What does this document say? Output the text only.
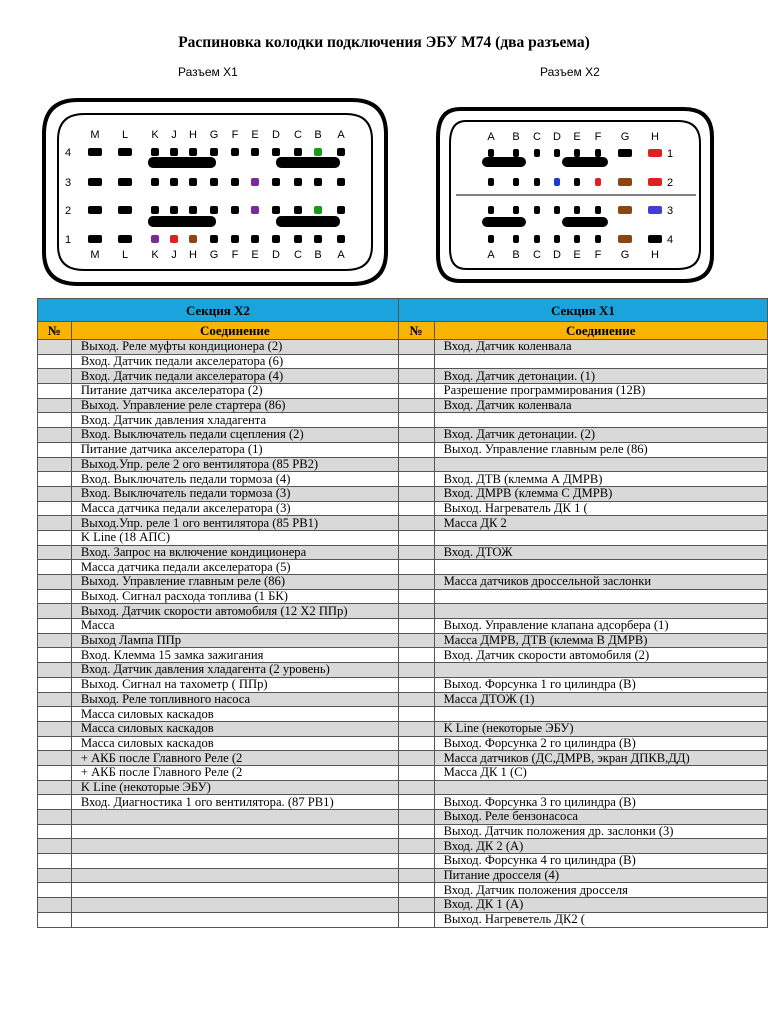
Распиновка колодки подключения ЭБУ М74 (два разъема)
Разъем X1	Разъем X2
M
M
L
L
K
K
J
J
H
H
G
G
F
F
E
E
D
D
C
C
B
B
A
A
4
3
2
1
A
A
B
B
C
C
D
D
E
E
F
F
G
G
H
H
1
2
3
4
Секция X2		Секция X1	
№	Соединение	№	Соединение
	Выход. Реле муфты кондиционера (2)		Вход. Датчик коленвала
	Вход. Датчик педали акселератора (6)		
	Вход. Датчик педали акселератора (4)		Вход. Датчик детонации. (1)
	Питание датчика акселератора (2)		Разрешение программирования (12В)
	Выход. Управление реле стартера (86)		Вход. Датчик коленвала
	Вход. Датчик давления хладагента		
	Вход. Выключатель педали сцепления (2)		Вход. Датчик детонации. (2)
	Питание датчика акселератора (1)		Выход. Управление главным реле (86)
	Выход.Упр. реле 2 ого вентилятора (85 РВ2)		
	Вход. Выключатель педали тормоза (4)		Вход. ДТВ (клемма А ДМРВ)
	Вход. Выключатель педали тормоза (3)		Вход. ДМРВ (клемма С ДМРВ)
	Масса датчика педали акселератора (3)		Выход. Нагреватель ДК 1 (
	Выход.Упр. реле 1 ого вентилятора (85 РВ1)		Масса ДК 2
	K Line (18 АПС)		
	Вход. Запрос на включение кондиционера		Вход. ДТОЖ
	Масса датчика педали акселератора (5)		
	Выход. Управление главным реле (86)		Масса датчиков дроссельной заслонки
	Выход. Сигнал расхода топлива (1 БК)		
	Выход. Датчик скорости автомобиля (12 Х2 ППр)		
	Масса		Выход. Управление клапана адсорбера (1)
	Выход Лампа ППр		Масса ДМРВ, ДТВ (клемма В ДМРВ)
	Вход. Клемма 15 замка зажигания		Вход. Датчик скорости автомобиля (2)
	Вход. Датчик давления хладагента (2 уровень)		
	Выход. Сигнал на тахометр ( ППр)		Выход. Форсунка 1 го цилиндра (В)
	Выход. Реле топливного насоса		Масса ДТОЖ (1)
	Масса силовых каскадов		
	Масса силовых каскадов		K Line (некоторые ЭБУ)
	Масса силовых каскадов		Выход. Форсунка 2 го цилиндра (В)
	+ АКБ после Главного Реле (2		Масса датчиков (ДС,ДМРВ, экран ДПКВ,ДД)
	+ АКБ после Главного Реле (2		Масса ДК 1 (С)
	K Line (некоторые ЭБУ)		
	Вход. Диагностика 1 ого вентилятора. (87 РВ1)		Выход. Форсунка 3 го цилиндра (В)
			Выход. Реле бензонасоса
			Выход. Датчик положения др. заслонки (3)
			Вход. ДК 2 (А)
			Выход. Форсунка 4 го цилиндра (В)
			Питание дросселя (4)
			Вход. Датчик положения дросселя
			Вход. ДК 1 (А)
			Выход. Нагреветель ДК2 (
